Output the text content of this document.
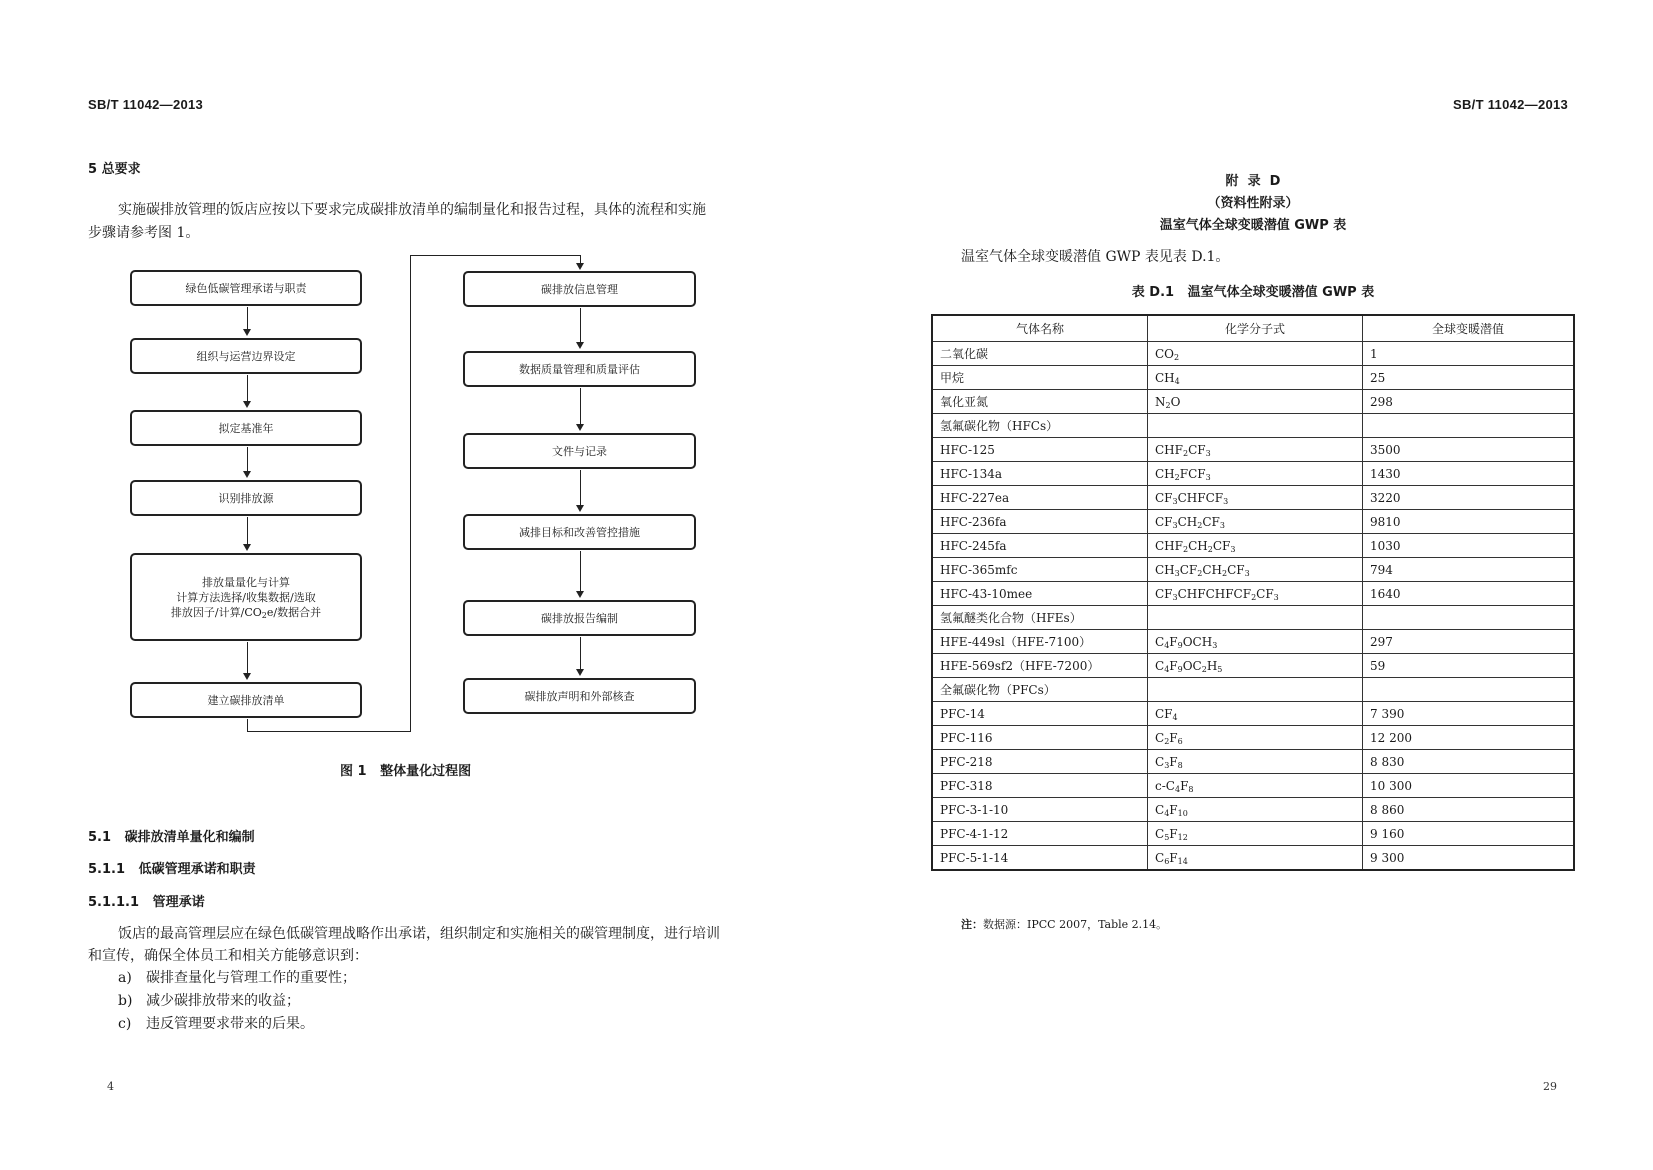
SB/T 11042—2013
5 总要求
实施碳排放管理的饭店应按以下要求完成碳排放清单的编制量化和报告过程，具体的流程和实施
步骤请参考图 1。
绿色低碳管理承诺与职责
组织与运营边界设定
拟定基准年
识别排放源
排放量量化与计算
计算方法选择/收集数据/选取
排放因子/计算$/CO_2e/$数据合并
建立碳排放清单
碳排放信息管理
数据质量管理和质量评估
文件与记录
减排目标和改善管控措施
碳排放报告编制
碳排放声明和外部核查
图 1   整体量化过程图
5.1   碳排放清单量化和编制
5.1.1   低碳管理承诺和职责
5.1.1.1   管理承诺
饭店的最高管理层应在绿色低碳管理战略作出承诺，组织制定和实施相关的碳管理制度，进行培训
和宣传，确保全体员工和相关方能够意识到：
a) 碳排查量化与管理工作的重要性；
b) 减少碳排放带来的收益；
c) 违反管理要求带来的后果。
4
SB/T 11042—2013
附  录  D
（资料性附录）
温室气体全球变暖潜值 GWP 表
温室气体全球变暖潜值 GWP 表见表 D.1。
表 D.1   温室气体全球变暖潜值 GWP 表
气体名称	化学分子式	全球变暖潜值
二氧化碳	$CO_2$	1
甲烷	$CH_4$	25
氧化亚氮	$N_2O$	298
氢氟碳化物（HFCs）		
HFC-125	$CHF_2CF_3$	3500
HFC-134a	$CH_2FCF_3$	1430
HFC-227ea	$CF_3CHFCF_3$	3220
HFC-236fa	$CF_3CH_2CF_3$	9810
HFC-245fa	$CHF_2CH_2CF_3$	1030
HFC-365mfc	$CH_3CF_2CH_2CF_3$	794
HFC-43-10mee	$CF_3CHFCHFCF_2CF_3$	1640
氢氟醚类化合物（HFEs）		
HFE-449sl（HFE-7100）	$C_4F_9OCH_3$	297
HFE-569sf2（HFE-7200）	$C_4F_9OC_2H_5$	59
全氟碳化物（PFCs）		
PFC-14	$CF_4$	7 390
PFC-116	$C_2F_6$	12 200
PFC-218	$C_3F_8$	8 830
PFC-318	$c-C_4F_8$	10 300
PFC-3-1-10	$C_4F_{10}$	8 860
PFC-4-1-12	$C_5F_{12}$	9 160
PFC-5-1-14	$C_6F_{14}$	9 300
注：数据源：IPCC 2007，Table 2.14。
29
